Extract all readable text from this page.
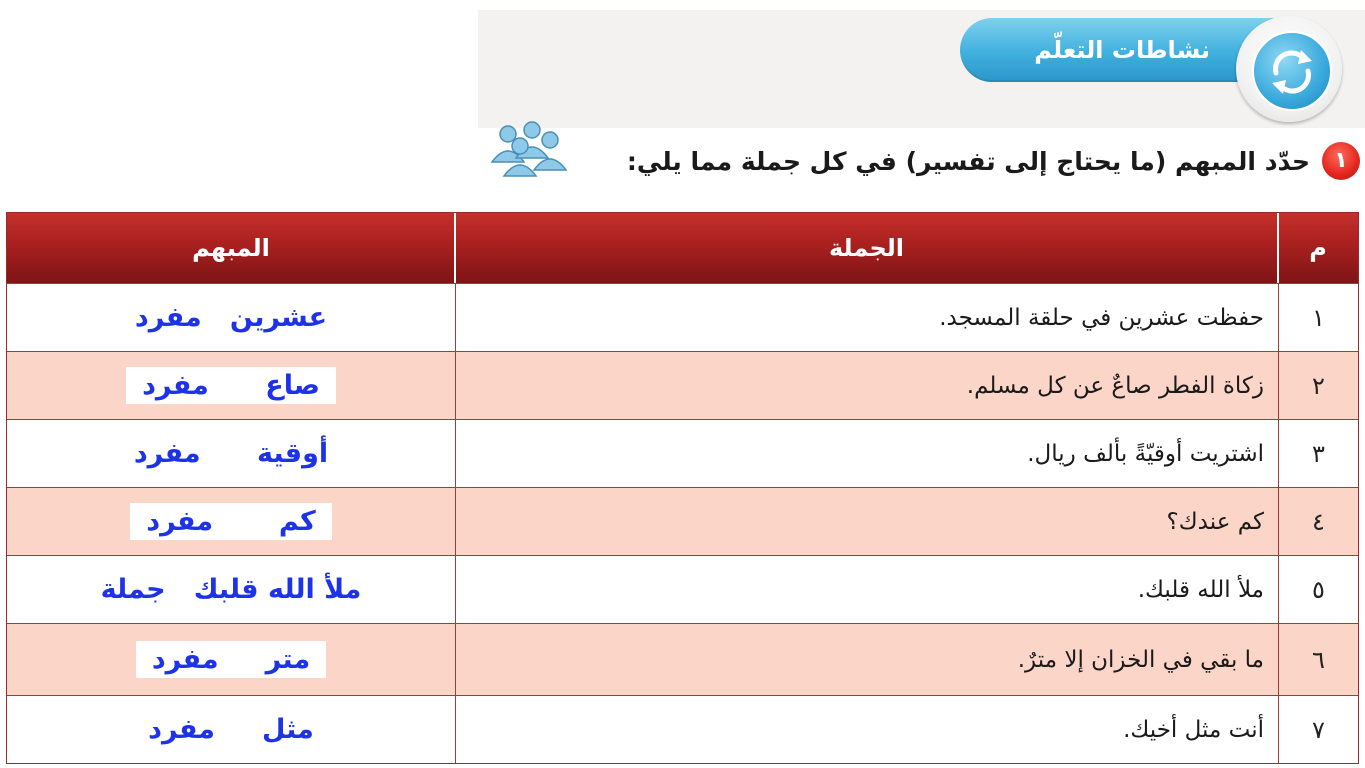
نشاطات التعلّم
١
حدّد المبهم (ما يحتاج إلى تفسير) في كل جملة مما يلي:
المبهم	الجملة	م
١
حفظت عشرين في حلقة المسجد.
عشرين   مفرد
٢
زكاة الفطر صاعٌ عن كل مسلم.
صاع      مفرد
٣
اشتريت أوقيّةً بألف ريال.
أوقية      مفرد
٤
كم عندك؟
كم       مفرد
٥
ملأ الله قلبك.
ملأ الله قلبك   جملة
٦
ما بقي في الخزان إلا مترٌ.
متر     مفرد
٧
أنت مثل أخيك.
مثل     مفرد
